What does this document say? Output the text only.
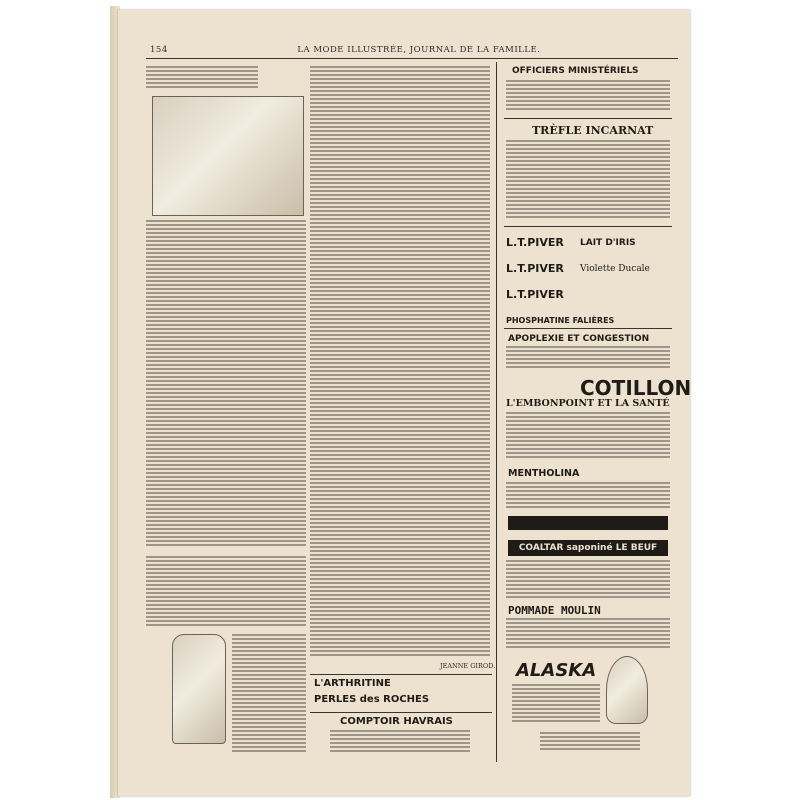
154	LA MODE ILLUSTRÉE, JOURNAL DE LA FAMILLE.
JEANNE GIROD.
L'ARTHRITINE
PERLES des ROCHES
COMPTOIR HAVRAIS
OFFICIERS MINISTÉRIELS
TRÈFLE INCARNAT
L.T.PIVER LAIT D'IRIS
L.T.PIVER Violette Ducale
L.T.PIVER
PHOSPHATINE FALIÈRES
APOPLEXIE ET CONGESTION
COTILLON
L'EMBONPOINT ET LA SANTÉ
MENTHOLINA
COALTAR saponiné LE BEUF
POMMADE MOULIN
ALASKA
